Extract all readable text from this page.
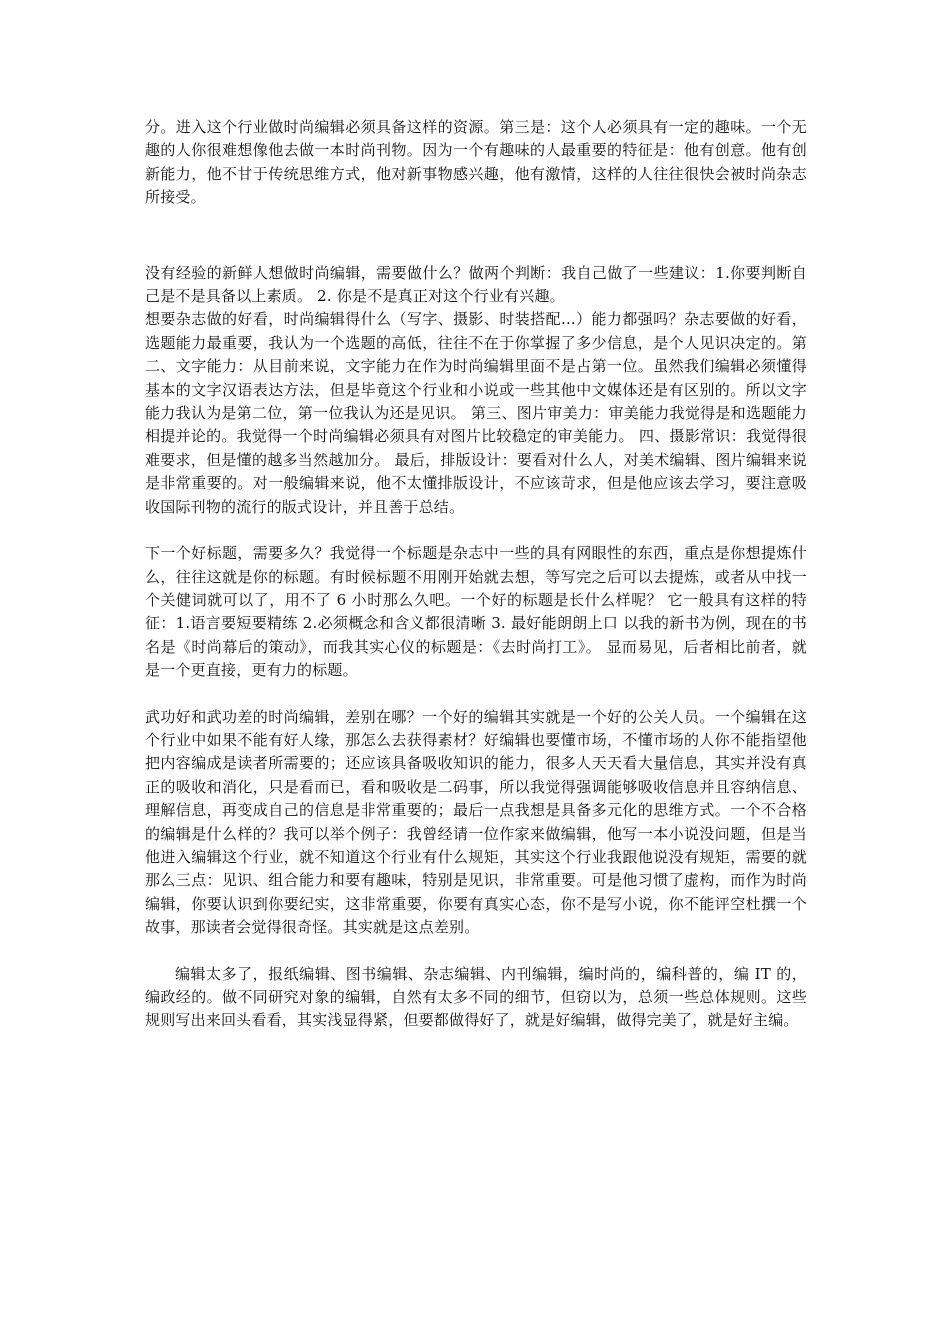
分。进入这个行业做时尚编辑必须具备这样的资源。第三是：这个人必须具有一定的趣味。一个无趣的人你很难想像他去做一本时尚刊物。因为一个有趣味的人最重要的特征是：他有创意。他有创新能力，他不甘于传统思维方式，他对新事物感兴趣，他有激情，这样的人往往很快会被时尚杂志所接受。

没有经验的新鲜人想做时尚编辑，需要做什么？做两个判断：我自己做了一些建议：1.你要判断自己是不是具备以上素质。 2. 你是不是真正对这个行业有兴趣。

想要杂志做的好看，时尚编辑得什么（写字、摄影、时装搭配...）能力都强吗？杂志要做的好看，选题能力最重要，我认为一个选题的高低，往往不在于你掌握了多少信息，是个人见识决定的。第二、文字能力：从目前来说，文字能力在作为时尚编辑里面不是占第一位。虽然我们编辑必须懂得基本的文字汉语表达方法，但是毕竟这个行业和小说或一些其他中文媒体还是有区别的。所以文字能力我认为是第二位，第一位我认为还是见识。 第三、图片审美力：审美能力我觉得是和选题能力相提并论的。我觉得一个时尚编辑必须具有对图片比较稳定的审美能力。 四、摄影常识：我觉得很难要求，但是懂的越多当然越加分。 最后，排版设计：要看对什么人，对美术编辑、图片编辑来说是非常重要的。对一般编辑来说，他不太懂排版设计，不应该苛求，但是他应该去学习，要注意吸收国际刊物的流行的版式设计，并且善于总结。

下一个好标题，需要多久？我觉得一个标题是杂志中一些的具有网眼性的东西，重点是你想提炼什么，往往这就是你的标题。有时候标题不用刚开始就去想，等写完之后可以去提炼，或者从中找一个关健词就可以了，用不了 6 小时那么久吧。一个好的标题是长什么样呢？ 它一般具有这样的特征：1.语言要短要精练 2.必须概念和含义都很清晰 3. 最好能朗朗上口 以我的新书为例，现在的书名是《时尚幕后的策动》，而我其实心仪的标题是：《去时尚打工》。 显而易见，后者相比前者，就是一个更直接，更有力的标题。

武功好和武功差的时尚编辑，差别在哪？一个好的编辑其实就是一个好的公关人员。一个编辑在这个行业中如果不能有好人缘，那怎么去获得素材？好编辑也要懂市场，不懂市场的人你不能指望他把内容编成是读者所需要的；还应该具备吸收知识的能力，很多人天天看大量信息，其实并没有真正的吸收和消化，只是看而已，看和吸收是二码事，所以我觉得强调能够吸收信息并且容纳信息、理解信息，再变成自己的信息是非常重要的；最后一点我想是具备多元化的思维方式。一个不合格的编辑是什么样的？我可以举个例子：我曾经请一位作家来做编辑，他写一本小说没问题，但是当他进入编辑这个行业，就不知道这个行业有什么规矩，其实这个行业我跟他说没有规矩，需要的就那么三点：见识、组合能力和要有趣味，特别是见识，非常重要。可是他习惯了虚构，而作为时尚编辑，你要认识到你要纪实，这非常重要，你要有真实心态，你不是写小说，你不能评空杜撰一个故事，那读者会觉得很奇怪。其实就是这点差别。

编辑太多了，报纸编辑、图书编辑、杂志编辑、内刊编辑，编时尚的，编科普的，编 IT 的，编政经的。做不同研究对象的编辑，自然有太多不同的细节，但窃以为，总须一些总体规则。这些规则写出来回头看看，其实浅显得紧，但要都做得好了，就是好编辑，做得完美了，就是好主编。
